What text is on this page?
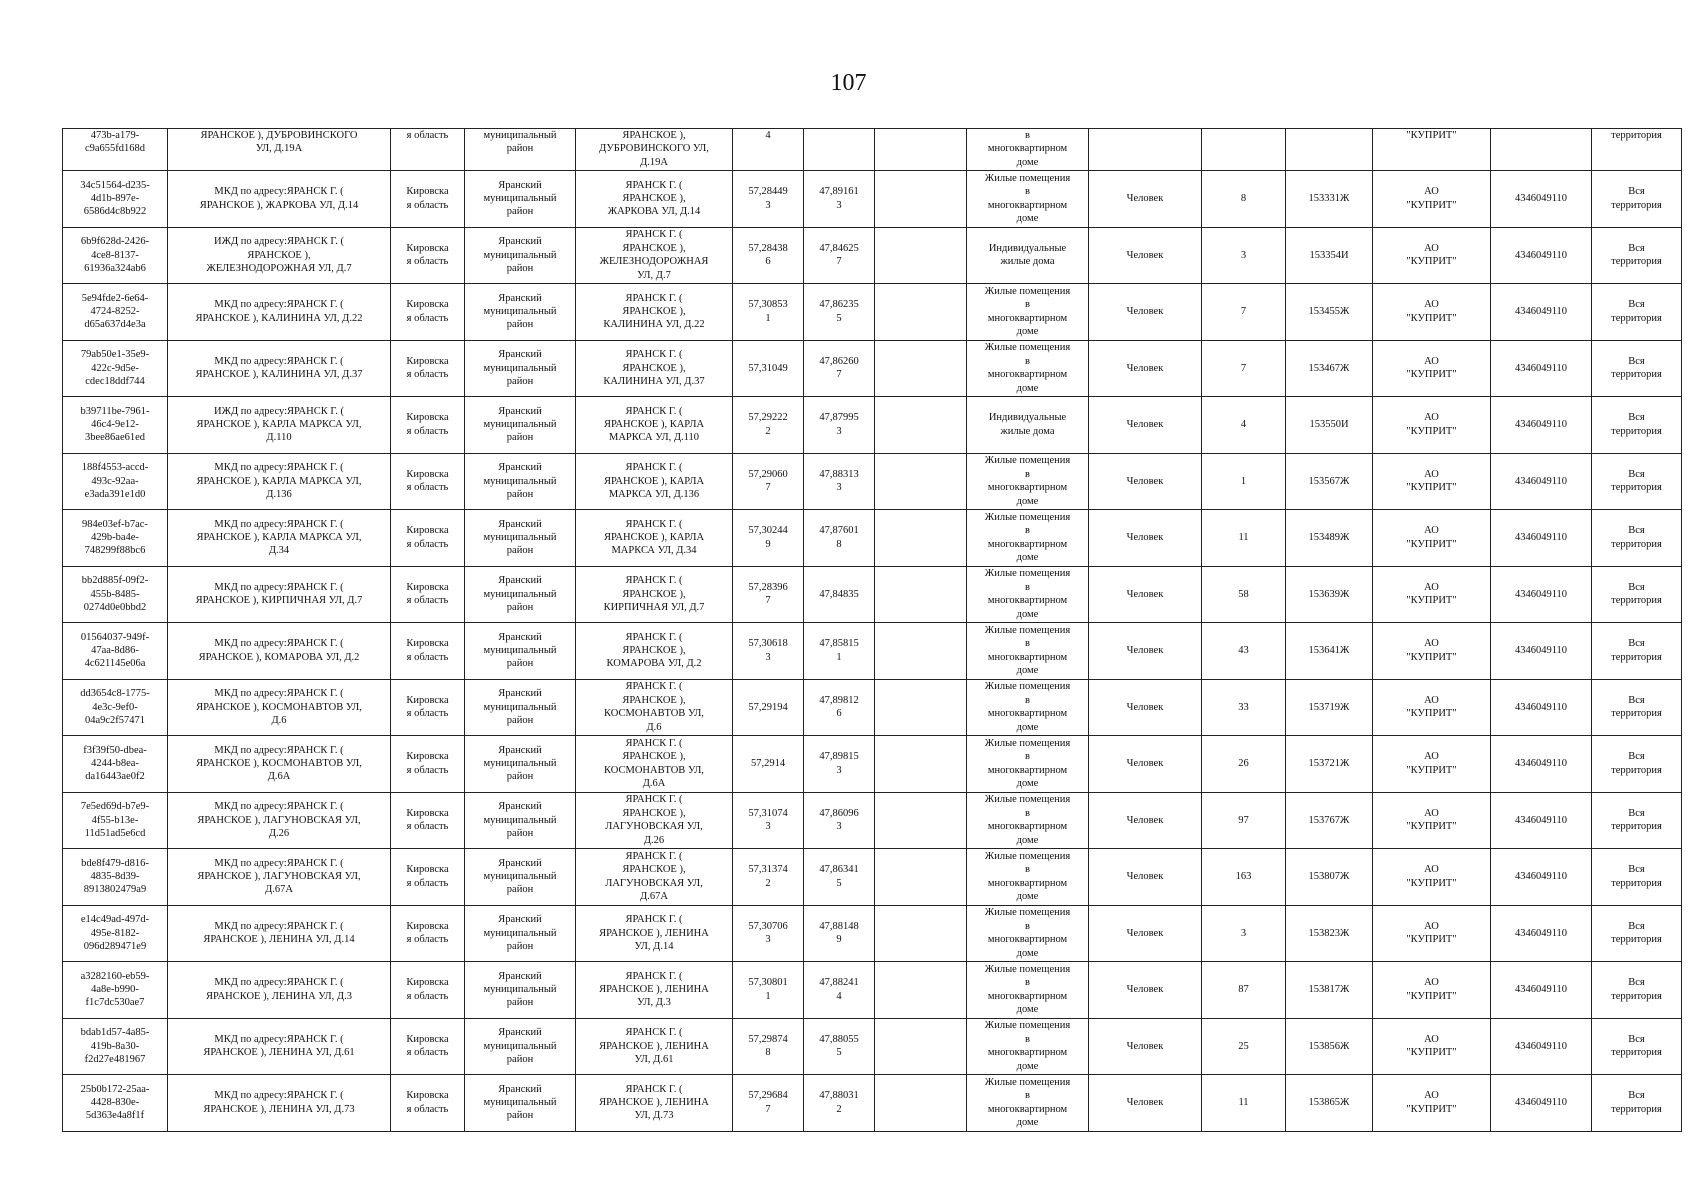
107
473b-a179-
c9a655fd168d	ЯРАНСКОЕ ), ДУБРОВИНСКОГО
УЛ, Д.19А	я область	муниципальный
район	ЯРАНСКОЕ ),
ДУБРОВИНСКОГО УЛ,
Д.19А	4			в
многоквартирном
доме				"КУПРИТ"		территория
34c51564-d235-
4d1b-897e-
6586d4c8b922	МКД по адресу:ЯРАНСК Г. (
ЯРАНСКОЕ ), ЖАРКОВА УЛ, Д.14	Кировска
я область	Яранский
муниципальный
район	ЯРАНСК Г. (
ЯРАНСКОЕ ),
ЖАРКОВА УЛ, Д.14	57,28449
3	47,89161
3		Жилые помещения
в
многоквартирном
доме	Человек	8	153331Ж	АО
"КУПРИТ"	4346049110	Вся
территория
6b9f628d-2426-
4ce8-8137-
61936a324ab6	ИЖД по адресу:ЯРАНСК Г. (
ЯРАНСКОЕ ),
ЖЕЛЕЗНОДОРОЖНАЯ УЛ, Д.7	Кировска
я область	Яранский
муниципальный
район	ЯРАНСК Г. (
ЯРАНСКОЕ ),
ЖЕЛЕЗНОДОРОЖНАЯ
УЛ, Д.7	57,28438
6	47,84625
7		Индивидуальные
жилые дома	Человек	3	153354И	АО
"КУПРИТ"	4346049110	Вся
территория
5e94fde2-6e64-
4724-8252-
d65a637d4e3a	МКД по адресу:ЯРАНСК Г. (
ЯРАНСКОЕ ), КАЛИНИНА УЛ, Д.22	Кировска
я область	Яранский
муниципальный
район	ЯРАНСК Г. (
ЯРАНСКОЕ ),
КАЛИНИНА УЛ, Д.22	57,30853
1	47,86235
5		Жилые помещения
в
многоквартирном
доме	Человек	7	153455Ж	АО
"КУПРИТ"	4346049110	Вся
территория
79ab50e1-35e9-
422c-9d5e-
cdec18ddf744	МКД по адресу:ЯРАНСК Г. (
ЯРАНСКОЕ ), КАЛИНИНА УЛ, Д.37	Кировска
я область	Яранский
муниципальный
район	ЯРАНСК Г. (
ЯРАНСКОЕ ),
КАЛИНИНА УЛ, Д.37	57,31049	47,86260
7		Жилые помещения
в
многоквартирном
доме	Человек	7	153467Ж	АО
"КУПРИТ"	4346049110	Вся
территория
b39711be-7961-
46c4-9e12-
3bee86ae61ed	ИЖД по адресу:ЯРАНСК Г. (
ЯРАНСКОЕ ), КАРЛА МАРКСА УЛ,
Д.110	Кировска
я область	Яранский
муниципальный
район	ЯРАНСК Г. (
ЯРАНСКОЕ ), КАРЛА
МАРКСА УЛ, Д.110	57,29222
2	47,87995
3		Индивидуальные
жилые дома	Человек	4	153550И	АО
"КУПРИТ"	4346049110	Вся
территория
188f4553-accd-
493c-92aa-
e3ada391e1d0	МКД по адресу:ЯРАНСК Г. (
ЯРАНСКОЕ ), КАРЛА МАРКСА УЛ,
Д.136	Кировска
я область	Яранский
муниципальный
район	ЯРАНСК Г. (
ЯРАНСКОЕ ), КАРЛА
МАРКСА УЛ, Д.136	57,29060
7	47,88313
3		Жилые помещения
в
многоквартирном
доме	Человек	1	153567Ж	АО
"КУПРИТ"	4346049110	Вся
территория
984e03ef-b7ac-
429b-ba4e-
748299f88bc6	МКД по адресу:ЯРАНСК Г. (
ЯРАНСКОЕ ), КАРЛА МАРКСА УЛ,
Д.34	Кировска
я область	Яранский
муниципальный
район	ЯРАНСК Г. (
ЯРАНСКОЕ ), КАРЛА
МАРКСА УЛ, Д.34	57,30244
9	47,87601
8		Жилые помещения
в
многоквартирном
доме	Человек	11	153489Ж	АО
"КУПРИТ"	4346049110	Вся
территория
bb2d885f-09f2-
455b-8485-
0274d0e0bbd2	МКД по адресу:ЯРАНСК Г. (
ЯРАНСКОЕ ), КИРПИЧНАЯ УЛ, Д.7	Кировска
я область	Яранский
муниципальный
район	ЯРАНСК Г. (
ЯРАНСКОЕ ),
КИРПИЧНАЯ УЛ, Д.7	57,28396
7	47,84835		Жилые помещения
в
многоквартирном
доме	Человек	58	153639Ж	АО
"КУПРИТ"	4346049110	Вся
территория
01564037-949f-
47aa-8d86-
4c621145e06a	МКД по адресу:ЯРАНСК Г. (
ЯРАНСКОЕ ), КОМАРОВА УЛ, Д.2	Кировска
я область	Яранский
муниципальный
район	ЯРАНСК Г. (
ЯРАНСКОЕ ),
КОМАРОВА УЛ, Д.2	57,30618
3	47,85815
1		Жилые помещения
в
многоквартирном
доме	Человек	43	153641Ж	АО
"КУПРИТ"	4346049110	Вся
территория
dd3654c8-1775-
4e3c-9ef0-
04a9c2f57471	МКД по адресу:ЯРАНСК Г. (
ЯРАНСКОЕ ), КОСМОНАВТОВ УЛ,
Д.6	Кировска
я область	Яранский
муниципальный
район	ЯРАНСК Г. (
ЯРАНСКОЕ ),
КОСМОНАВТОВ УЛ,
Д.6	57,29194	47,89812
6		Жилые помещения
в
многоквартирном
доме	Человек	33	153719Ж	АО
"КУПРИТ"	4346049110	Вся
территория
f3f39f50-dbea-
4244-b8ea-
da16443ae0f2	МКД по адресу:ЯРАНСК Г. (
ЯРАНСКОЕ ), КОСМОНАВТОВ УЛ,
Д.6А	Кировска
я область	Яранский
муниципальный
район	ЯРАНСК Г. (
ЯРАНСКОЕ ),
КОСМОНАВТОВ УЛ,
Д.6А	57,2914	47,89815
3		Жилые помещения
в
многоквартирном
доме	Человек	26	153721Ж	АО
"КУПРИТ"	4346049110	Вся
территория
7e5ed69d-b7e9-
4f55-b13e-
11d51ad5e6cd	МКД по адресу:ЯРАНСК Г. (
ЯРАНСКОЕ ), ЛАГУНОВСКАЯ УЛ,
Д.26	Кировска
я область	Яранский
муниципальный
район	ЯРАНСК Г. (
ЯРАНСКОЕ ),
ЛАГУНОВСКАЯ УЛ,
Д.26	57,31074
3	47,86096
3		Жилые помещения
в
многоквартирном
доме	Человек	97	153767Ж	АО
"КУПРИТ"	4346049110	Вся
территория
bde8f479-d816-
4835-8d39-
8913802479a9	МКД по адресу:ЯРАНСК Г. (
ЯРАНСКОЕ ), ЛАГУНОВСКАЯ УЛ,
Д.67А	Кировска
я область	Яранский
муниципальный
район	ЯРАНСК Г. (
ЯРАНСКОЕ ),
ЛАГУНОВСКАЯ УЛ,
Д.67А	57,31374
2	47,86341
5		Жилые помещения
в
многоквартирном
доме	Человек	163	153807Ж	АО
"КУПРИТ"	4346049110	Вся
территория
e14c49ad-497d-
495e-8182-
096d289471e9	МКД по адресу:ЯРАНСК Г. (
ЯРАНСКОЕ ), ЛЕНИНА УЛ, Д.14	Кировска
я область	Яранский
муниципальный
район	ЯРАНСК Г. (
ЯРАНСКОЕ ), ЛЕНИНА
УЛ, Д.14	57,30706
3	47,88148
9		Жилые помещения
в
многоквартирном
доме	Человек	3	153823Ж	АО
"КУПРИТ"	4346049110	Вся
территория
a3282160-eb59-
4a8e-b990-
f1c7dc530ae7	МКД по адресу:ЯРАНСК Г. (
ЯРАНСКОЕ ), ЛЕНИНА УЛ, Д.3	Кировска
я область	Яранский
муниципальный
район	ЯРАНСК Г. (
ЯРАНСКОЕ ), ЛЕНИНА
УЛ, Д.3	57,30801
1	47,88241
4		Жилые помещения
в
многоквартирном
доме	Человек	87	153817Ж	АО
"КУПРИТ"	4346049110	Вся
территория
bdab1d57-4a85-
419b-8a30-
f2d27e481967	МКД по адресу:ЯРАНСК Г. (
ЯРАНСКОЕ ), ЛЕНИНА УЛ, Д.61	Кировска
я область	Яранский
муниципальный
район	ЯРАНСК Г. (
ЯРАНСКОЕ ), ЛЕНИНА
УЛ, Д.61	57,29874
8	47,88055
5		Жилые помещения
в
многоквартирном
доме	Человек	25	153856Ж	АО
"КУПРИТ"	4346049110	Вся
территория
25b0b172-25aa-
4428-830e-
5d363e4a8f1f	МКД по адресу:ЯРАНСК Г. (
ЯРАНСКОЕ ), ЛЕНИНА УЛ, Д.73	Кировска
я область	Яранский
муниципальный
район	ЯРАНСК Г. (
ЯРАНСКОЕ ), ЛЕНИНА
УЛ, Д.73	57,29684
7	47,88031
2		Жилые помещения
в
многоквартирном
доме	Человек	11	153865Ж	АО
"КУПРИТ"	4346049110	Вся
территория
